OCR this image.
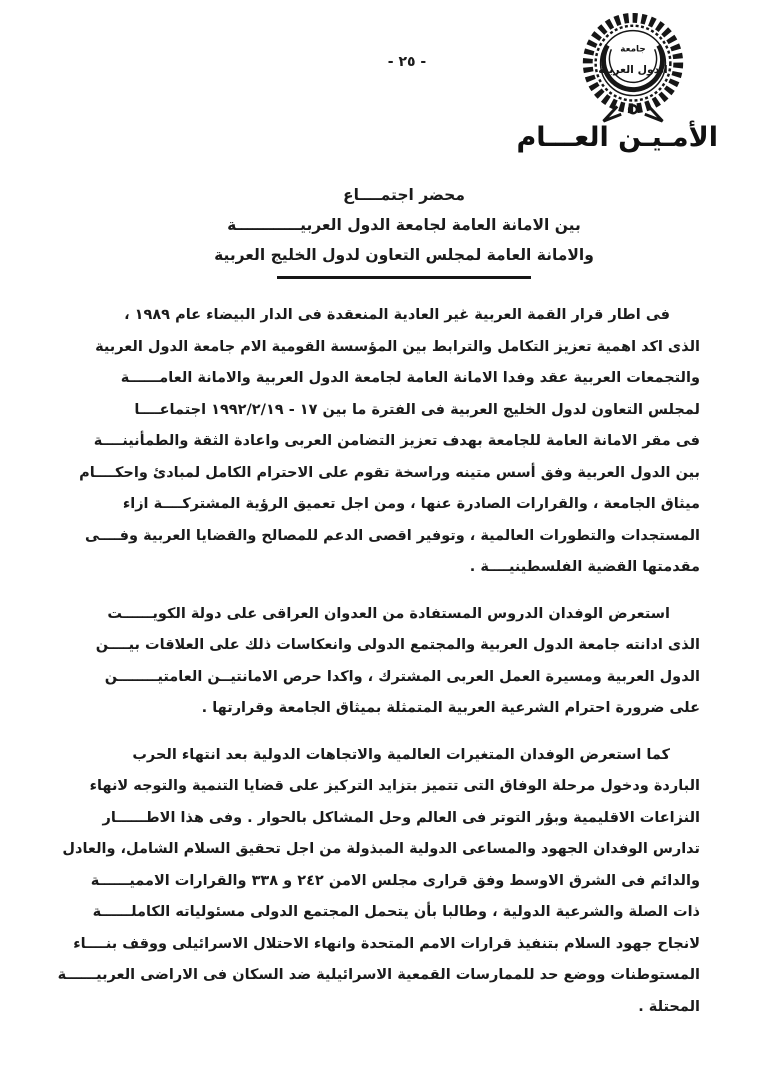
- ٢٥ -
جامعة
الدول العربية
الأمـيـن العـــام
محضر اجتمــــاع
بين الامانة العامة لجامعة الدول العربيــــــــــــة
والامانة العامة لمجلس التعاون لدول الخليج العربية
فى اطار قرار القمة العربية غير العادية المنعقدة فى الدار البيضاء عام ١٩٨٩ ،
الذى اكد اهمية تعزيز التكامل والترابط بين المؤسسة القومية الام جامعة الدول العربية
والتجمعات العربية عقد وفدا الامانة العامة لجامعة الدول العربية والامانة العامــــــة
لمجلس التعاون لدول الخليج العربية فى الفترة ما بين ١٧ - ١٩٩٢/٢/١٩ اجتماعــــا
فى مقر الامانة العامة للجامعة بهدف تعزيز التضامن العربى واعادة الثقة والطمأنينــــة
بين الدول العربية وفق أسس متينه وراسخة تقوم على الاحترام الكامل لمبادئ واحكــــام
ميثاق الجامعة ، والقرارات الصادرة عنها ، ومن اجل تعميق الرؤية المشتركــــة ازاء
المستجدات والتطورات العالمية ، وتوفير اقصى الدعم للمصالح والقضايا العربية وفــــى
مقدمتها القضية الفلسطينيــــة .
استعرض الوفدان الدروس المستفادة من العدوان العراقى على دولة الكويــــــت
الذى ادانته جامعة الدول العربية والمجتمع الدولى وانعكاسات ذلك على العلاقات بيــــن
الدول العربية ومسيرة العمل العربى المشترك ، واكدا حرص الامانتيــن العامتيــــــــن
على ضرورة احترام الشرعية العربية المتمثلة بميثاق الجامعة وقرارتها .
كما استعرض الوفدان المتغيرات العالمية والاتجاهات الدولية بعد انتهاء الحرب
الباردة ودخول مرحلة الوفاق التى تتميز بتزايد التركيز على قضايا التنمية والتوجه لانهاء
النزاعات الاقليمية وبؤر التوتر فى العالم وحل المشاكل بالحوار . وفى هذا الاطــــــار
تدارس الوفدان الجهود والمساعى الدولية المبذولة من اجل تحقيق السلام الشامل، والعادل
والدائم فى الشرق الاوسط وفق قرارى مجلس الامن ٢٤٢ و ٣٣٨ والقرارات الامميــــــة
ذات الصلة والشرعية الدولية ، وطالبا بأن يتحمل المجتمع الدولى مسئولياته الكاملــــــة
لانجاح جهود السلام بتنفيذ قرارات الامم المتحدة وانهاء الاحتلال الاسرائيلى ووقف بنــــاء
المستوطنات ووضع حد للممارسات القمعية الاسرائيلية ضد السكان فى الاراضى العربيــــــة
المحتلة .
